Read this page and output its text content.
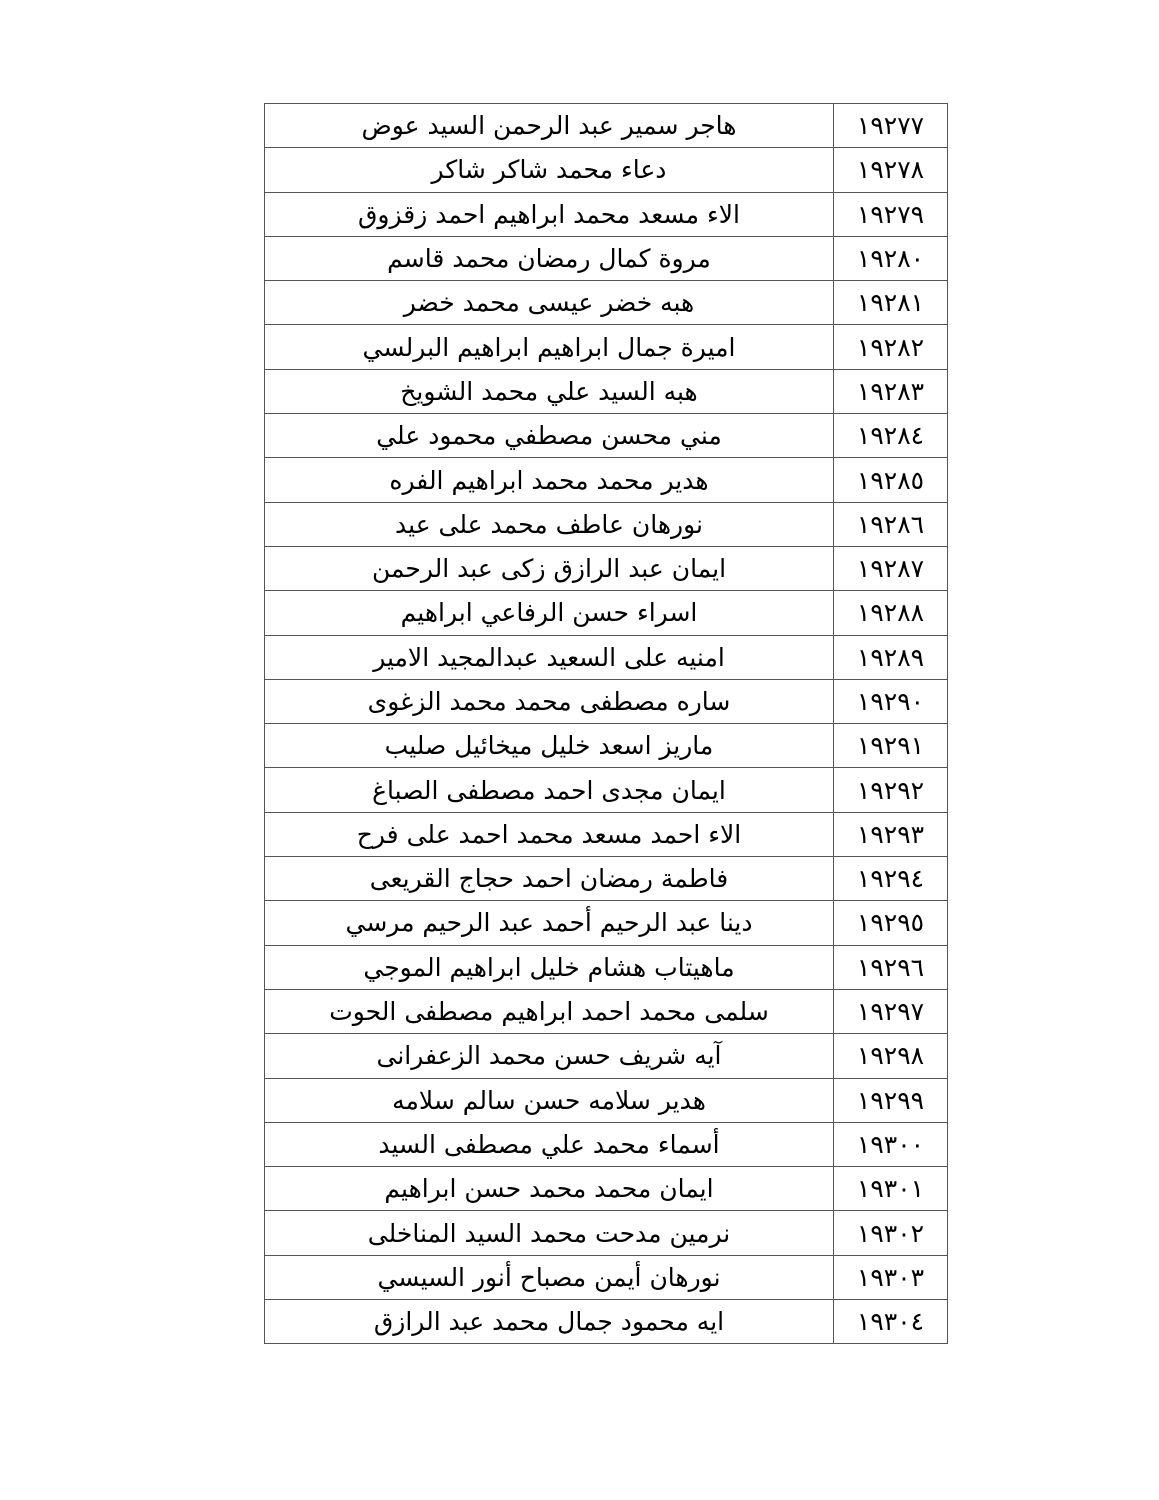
١٩٢٧٧	هاجر سمير عبد الرحمن السيد عوض
١٩٢٧٨	دعاء محمد شاكر شاكر
١٩٢٧٩	الاء مسعد محمد ابراهيم احمد زقزوق
١٩٢٨٠	مروة كمال رمضان محمد قاسم
١٩٢٨١	هبه خضر عيسى محمد خضر
١٩٢٨٢	اميرة جمال ابراهيم ابراهيم البرلسي
١٩٢٨٣	هبه السيد علي محمد الشويخ
١٩٢٨٤	مني محسن مصطفي محمود علي
١٩٢٨٥	هدير محمد محمد ابراهيم الفره
١٩٢٨٦	نورهان عاطف محمد على عيد
١٩٢٨٧	ايمان عبد الرازق زكى عبد الرحمن
١٩٢٨٨	اسراء حسن الرفاعي ابراهيم
١٩٢٨٩	امنيه على السعيد عبدالمجيد الامير
١٩٢٩٠	ساره مصطفى محمد محمد الزغوى
١٩٢٩١	ماريز اسعد خليل ميخائيل صليب
١٩٢٩٢	ايمان مجدى احمد مصطفى الصباغ
١٩٢٩٣	الاء احمد مسعد محمد احمد على فرح
١٩٢٩٤	فاطمة رمضان احمد حجاج القريعى
١٩٢٩٥	دينا عبد الرحيم أحمد عبد الرحيم مرسي
١٩٢٩٦	ماهيتاب هشام خليل ابراهيم الموجي
١٩٢٩٧	سلمى محمد احمد ابراهيم مصطفى الحوت
١٩٢٩٨	آيه شريف حسن محمد الزعفرانى
١٩٢٩٩	هدير سلامه حسن سالم سلامه
١٩٣٠٠	أسماء محمد علي مصطفى السيد
١٩٣٠١	ايمان محمد محمد حسن ابراهيم
١٩٣٠٢	نرمين مدحت محمد السيد المناخلى
١٩٣٠٣	نورهان أيمن مصباح أنور السيسي
١٩٣٠٤	ايه محمود جمال محمد عبد الرازق
